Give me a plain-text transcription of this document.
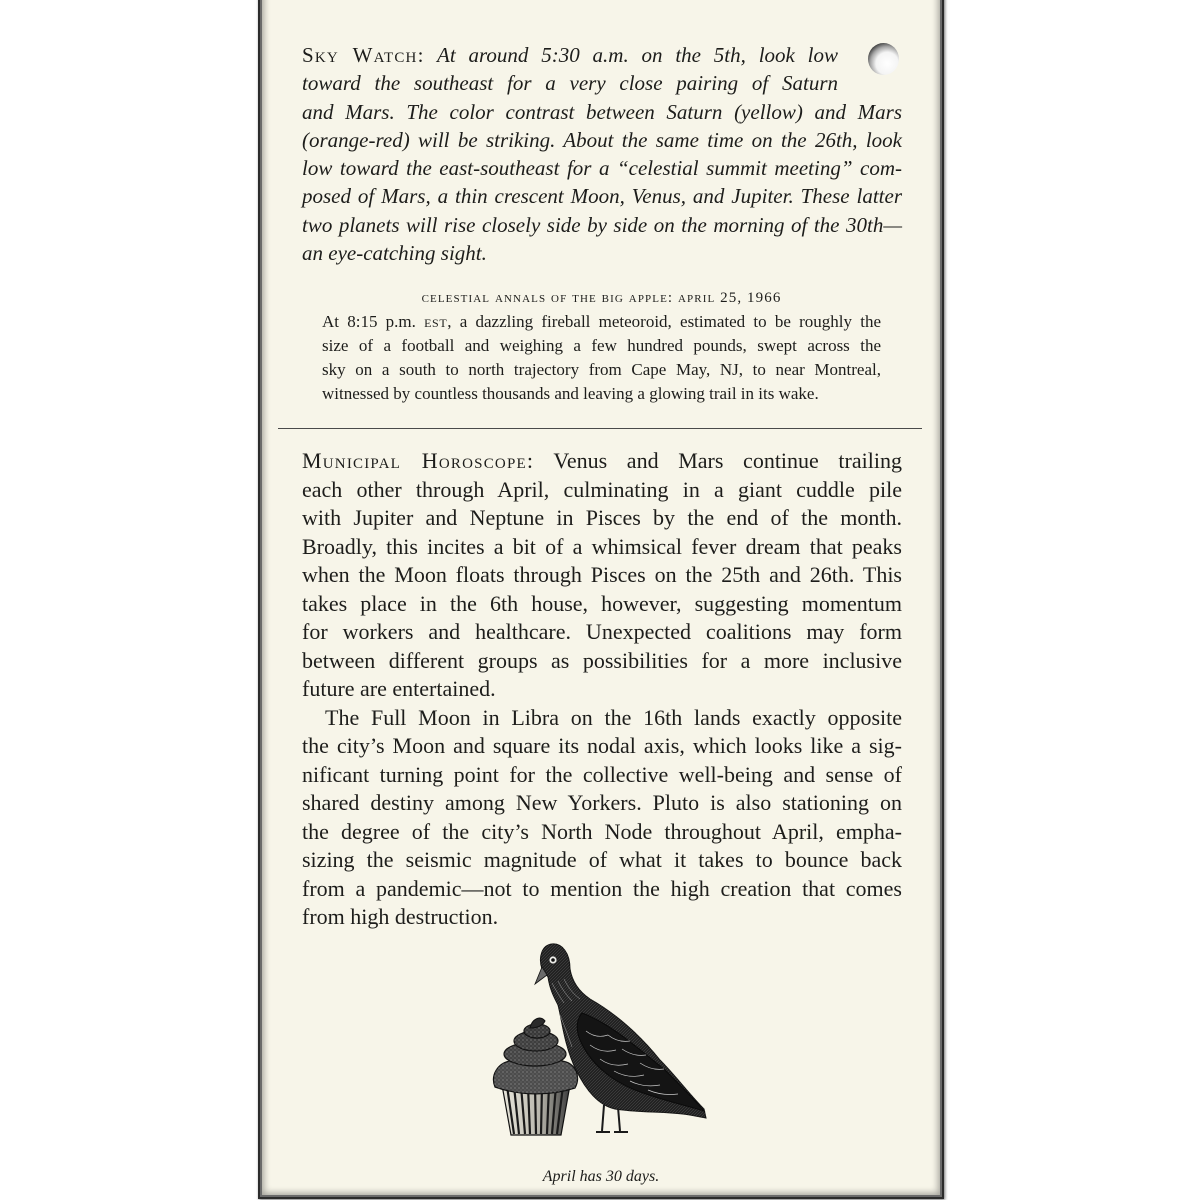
Sky Watch: At around 5:30 a.m. on the 5th, look low
toward the southeast for a very close pairing of Saturn
and Mars. The color contrast between Saturn (yellow) and Mars
(orange-red) will be striking. About the same time on the 26th, look
low toward the east-southeast for a “celestial summit meeting” com-
posed of Mars, a thin crescent Moon, Venus, and Jupiter. These latter
two planets will rise closely side by side on the morning of the 30th—
an eye-catching sight.
celestial annals of the big apple: april 25, 1966
At 8:15 p.m. est, a dazzling fireball meteoroid, estimated to be roughly the
size of a football and weighing a few hundred pounds, swept across the
sky on a south to north trajectory from Cape May, NJ, to near Montreal,
witnessed by countless thousands and leaving a glowing trail in its wake.
Municipal Horoscope: Venus and Mars continue trailing
each other through April, culminating in a giant cuddle pile
with Jupiter and Neptune in Pisces by the end of the month.
Broadly, this incites a bit of a whimsical fever dream that peaks
when the Moon floats through Pisces on the 25th and 26th. This
takes place in the 6th house, however, suggesting momentum
for workers and healthcare. Unexpected coalitions may form
between different groups as possibilities for a more inclusive
future are entertained.
The Full Moon in Libra on the 16th lands exactly opposite
the city’s Moon and square its nodal axis, which looks like a sig-
nificant turning point for the collective well-being and sense of
shared destiny among New Yorkers. Pluto is also stationing on
the degree of the city’s North Node throughout April, empha-
sizing the seismic magnitude of what it takes to bounce back
from a pandemic—not to mention the high creation that comes
from high destruction.
April has 30 days.
